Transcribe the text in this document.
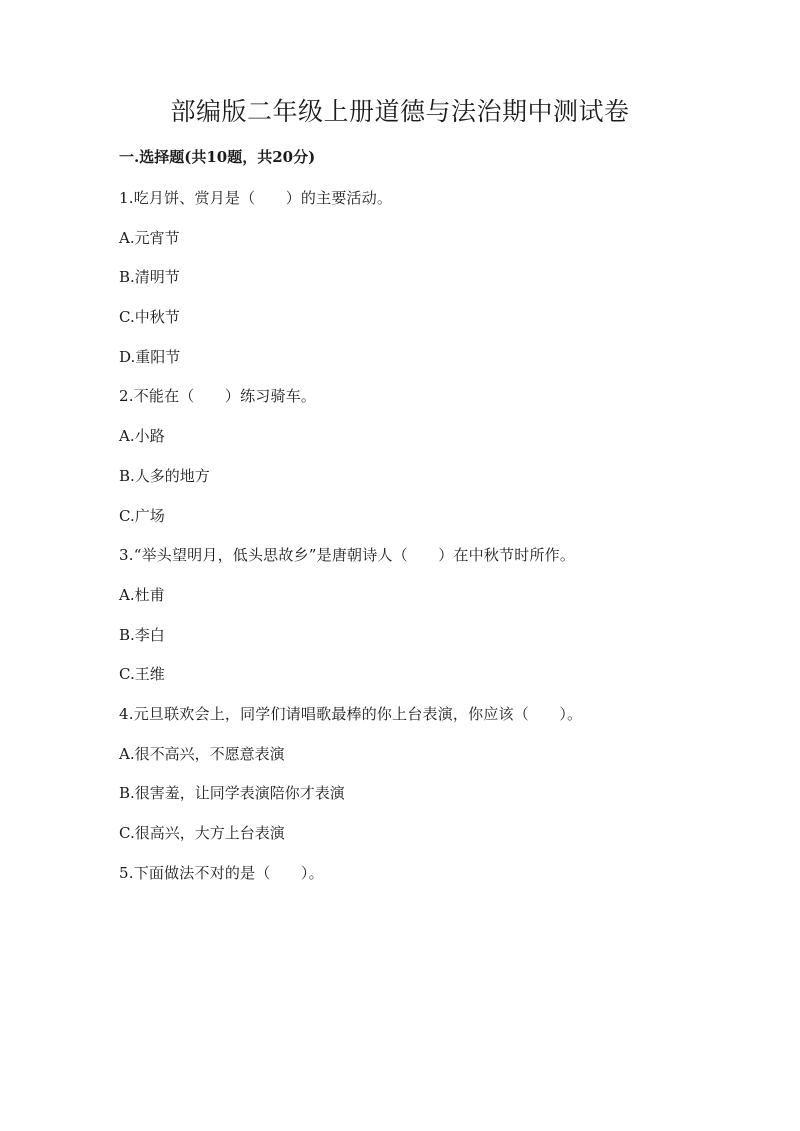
部编版二年级上册道德与法治期中测试卷
一.选择题(共10题，共20分)
1.吃月饼、赏月是（　　）的主要活动。
A.元宵节
B.清明节
C.中秋节
D.重阳节
2.不能在（　　）练习骑车。
A.小路
B.人多的地方
C.广场
3.“举头望明月，低头思故乡”是唐朝诗人（　　）在中秋节时所作。
A.杜甫
B.李白
C.王维
4.元旦联欢会上，同学们请唱歌最棒的你上台表演，你应该（　　）。
A.很不高兴，不愿意表演
B.很害羞，让同学表演陪你才表演
C.很高兴，大方上台表演
5.下面做法不对的是（　　）。
